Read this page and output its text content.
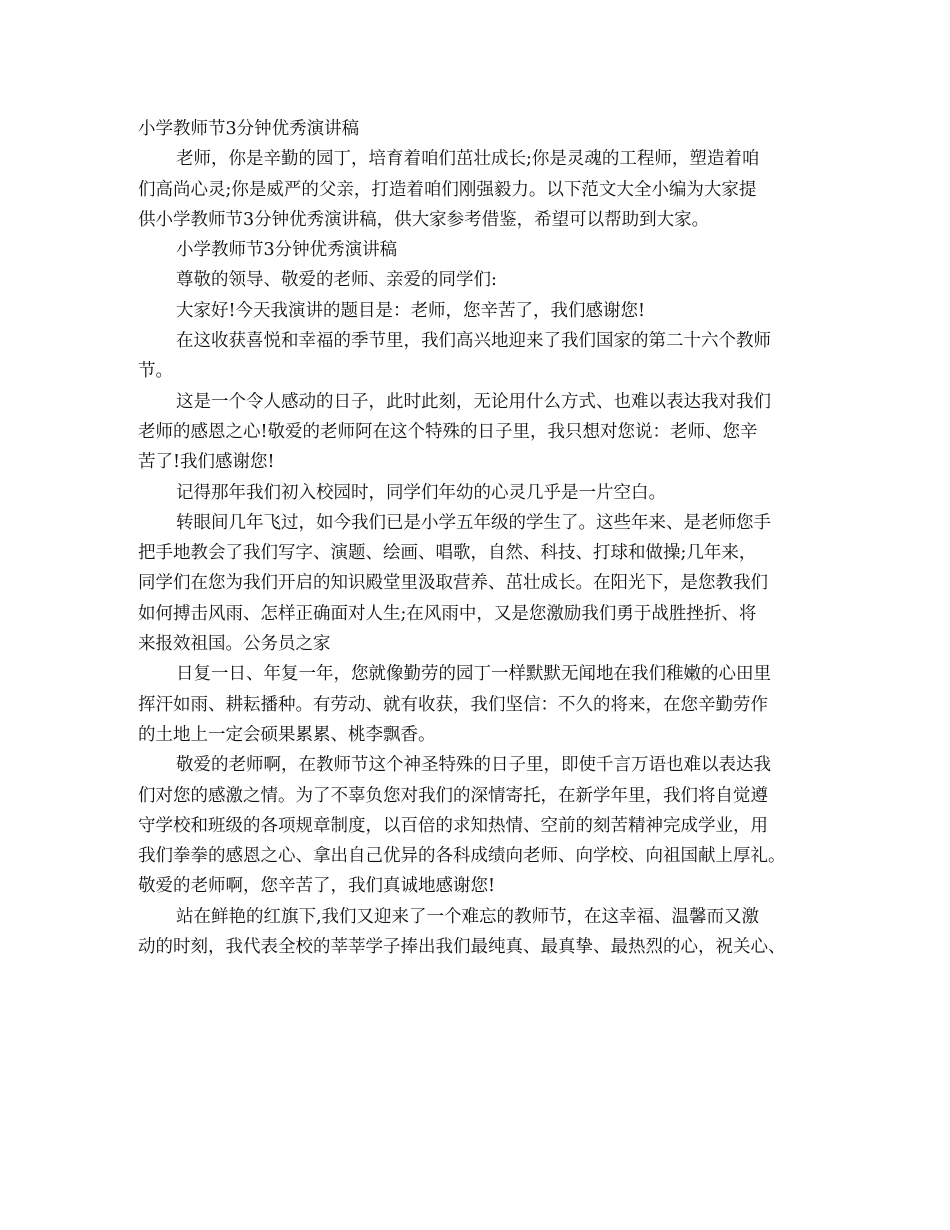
小学教师节3分钟优秀演讲稿
老师，你是辛勤的园丁，培育着咱们茁壮成长;你是灵魂的工程师，塑造着咱
们高尚心灵;你是威严的父亲，打造着咱们刚强毅力。以下范文大全小编为大家提
供小学教师节3分钟优秀演讲稿，供大家参考借鉴，希望可以帮助到大家。
小学教师节3分钟优秀演讲稿
尊敬的领导、敬爱的老师、亲爱的同学们:
大家好!今天我演讲的题目是：老师，您辛苦了，我们感谢您!
在这收获喜悦和幸福的季节里，我们高兴地迎来了我们国家的第二十六个教师
节。
这是一个令人感动的日子，此时此刻，无论用什么方式、也难以表达我对我们
老师的感恩之心!敬爱的老师阿在这个特殊的日子里，我只想对您说：老师、您辛
苦了!我们感谢您!
记得那年我们初入校园时，同学们年幼的心灵几乎是一片空白。
转眼间几年飞过，如今我们已是小学五年级的学生了。这些年来、是老师您手
把手地教会了我们写字、演题、绘画、唱歌，自然、科技、打球和做操;几年来，
同学们在您为我们开启的知识殿堂里汲取营养、茁壮成长。在阳光下，是您教我们
如何搏击风雨、怎样正确面对人生;在风雨中，又是您激励我们勇于战胜挫折、将
来报效祖国。公务员之家
日复一日、年复一年，您就像勤劳的园丁一样默默无闻地在我们稚嫩的心田里
挥汗如雨、耕耘播种。有劳动、就有收获，我们坚信：不久的将来，在您辛勤劳作
的土地上一定会硕果累累、桃李飘香。
敬爱的老师啊，在教师节这个神圣特殊的日子里，即使千言万语也难以表达我
们对您的感激之情。为了不辜负您对我们的深情寄托，在新学年里，我们将自觉遵
守学校和班级的各项规章制度，以百倍的求知热情、空前的刻苦精神完成学业，用
我们拳拳的感恩之心、拿出自己优异的各科成绩向老师、向学校、向祖国献上厚礼。
敬爱的老师啊，您辛苦了，我们真诚地感谢您!
站在鲜艳的红旗下,我们又迎来了一个难忘的教师节，在这幸福、温馨而又激
动的时刻，我代表全校的莘莘学子捧出我们最纯真、最真挚、最热烈的心，祝关心、
